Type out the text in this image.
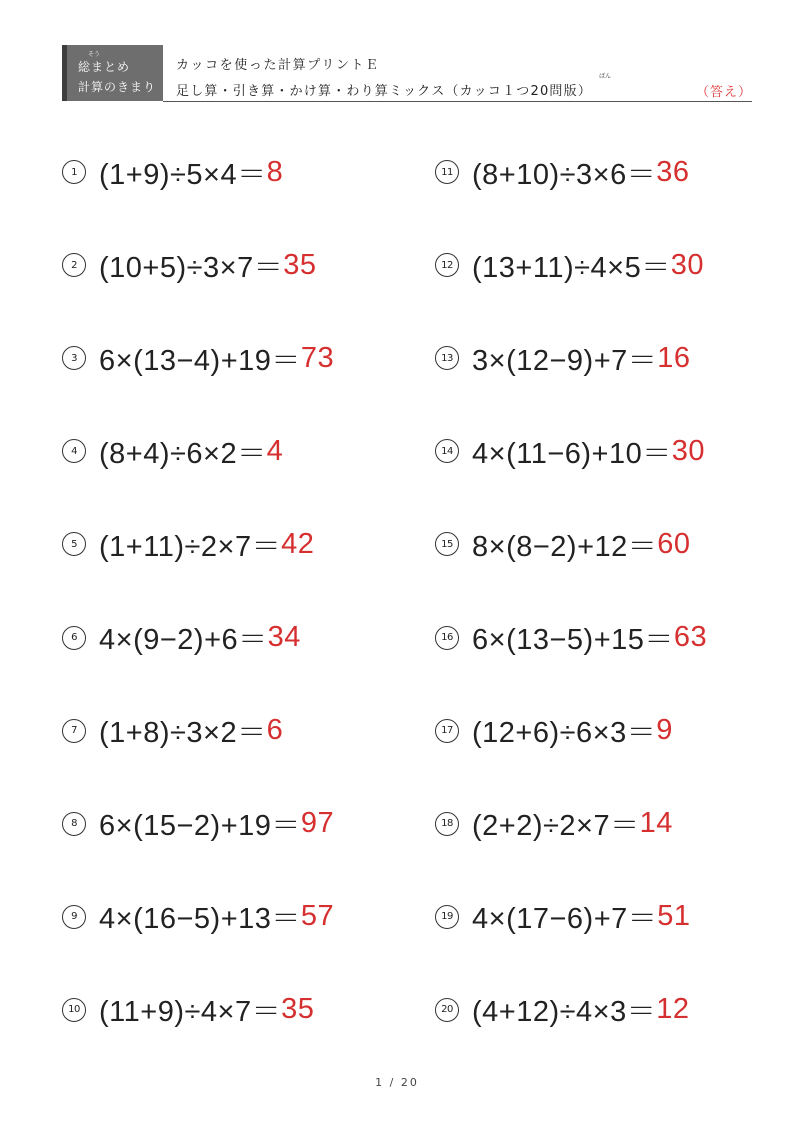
そう
総まとめ
計算のきまり
カッコを使った計算プリントＥ
ばん
足し算・引き算・かけ算・わり算ミックス（カッコ１つ20問版）	（答え）
1 (1+9)÷5×4＝ 8
2 (10+5)÷3×7＝ 35
3 6×(13−4)+19＝ 73
4 (8+4)÷6×2＝ 4
5 (1+11)÷2×7＝ 42
6 4×(9−2)+6＝ 34
7 (1+8)÷3×2＝ 6
8 6×(15−2)+19＝ 97
9 4×(16−5)+13＝ 57
10 (11+9)÷4×7＝ 35
11 (8+10)÷3×6＝ 36
12 (13+11)÷4×5＝ 30
13 3×(12−9)+7＝ 16
14 4×(11−6)+10＝ 30
15 8×(8−2)+12＝ 60
16 6×(13−5)+15＝ 63
17 (12+6)÷6×3＝ 9
18 (2+2)÷2×7＝ 14
19 4×(17−6)+7＝ 51
20 (4+12)÷4×3＝ 12
1 / 20
